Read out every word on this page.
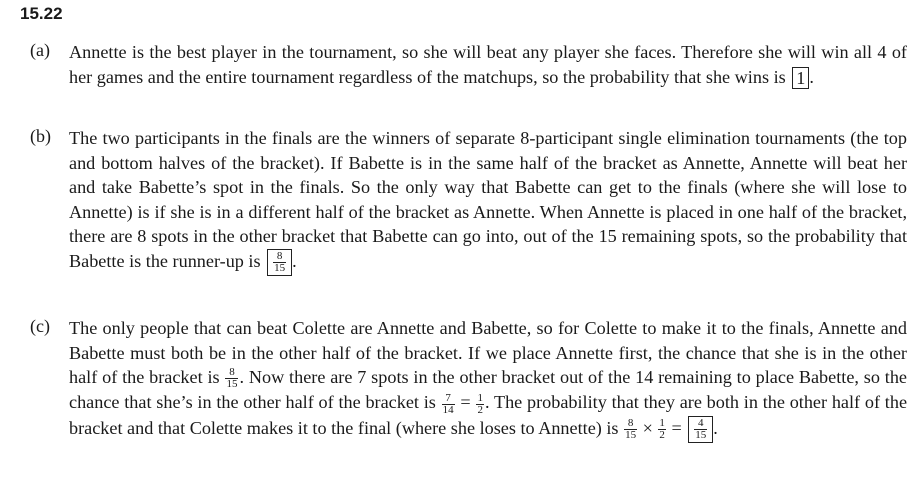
15.22
(a) Annette is the best player in the tournament, so she will beat any player she faces. Therefore she will win all 4 of her games and the entire tournament regardless of the matchups, so the probability that she wins is 1 .
(b) The two participants in the finals are the winners of separate 8-participant single elimination tournaments (the top and bottom halves of the bracket). If Babette is in the same half of the bracket as Annette, Annette will beat her and take Babette’s spot in the finals. So the only way that Babette can get to the finals (where she will lose to Annette) is if she is in a different half of the bracket as Annette. When Annette is placed in one half of the bracket, there are 8 spots in the other bracket that Babette can go into, out of the 15 remaining spots, so the probability that Babette is the runner-up is $\frac{8}{15}$ .
(c) The only people that can beat Colette are Annette and Babette, so for Colette to make it to the finals, Annette and Babette must both be in the other half of the bracket. If we place Annette first, the chance that she is in the other half of the bracket is $\frac{8}{15}$ . Now there are 7 spots in the other bracket out of the 14 remaining to place Babette, so the chance that she’s in the other half of the bracket is $\frac{7}{14} = \frac{1}{2}$ . The probability that they are both in the other half of the bracket and that Colette makes it to the final (where she loses to Annette) is $\frac{8}{15} \times \frac{1}{2} = \frac{4}{15}$ .
